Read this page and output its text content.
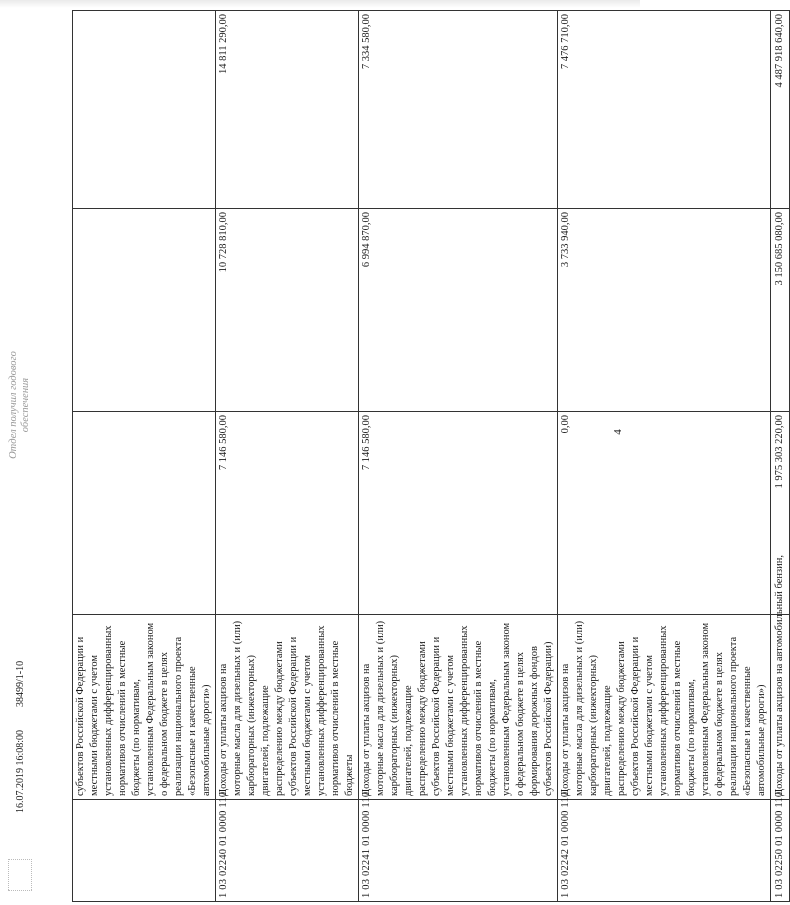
4
	субъектов Российской Федерации и местными бюджетами с учетом установленных дифференцированных нормативов отчислений в местные бюджеты (по нормативам, установленным Федеральным законом о федеральном бюджете в целях реализации национального проекта «Безопасные и качественные автомобильные дороги»)			
1 03 02240 01 0000 110	Доходы от уплаты акцизов на моторные масла для дизельных и (или) карбюраторных (инжекторных) двигателей, подлежащие распределению между бюджетами субъектов Российской Федерации и местными бюджетами с учетом установленных дифференцированных нормативов отчислений в местные бюджеты	7 146 580,00	10 728 810,00	14 811 290,00
1 03 02241 01 0000 110	Доходы от уплаты акцизов на моторные масла для дизельных и (или) карбюраторных (инжекторных) двигателей, подлежащие распределению между бюджетами субъектов Российской Федерации и местными бюджетами с учетом установленных дифференцированных нормативов отчислений в местные бюджеты (по нормативам, установленным Федеральным законом о федеральном бюджете в целях формирования дорожных фондов субъектов Российской Федерации)	7 146 580,00	6 994 870,00	7 334 580,00
1 03 02242 01 0000 110	Доходы от уплаты акцизов на моторные масла для дизельных и (или) карбюраторных (инжекторных) двигателей, подлежащие распределению между бюджетами субъектов Российской Федерации и местными бюджетами с учетом установленных дифференцированных нормативов отчислений в местные бюджеты (по нормативам, установленным Федеральным законом о федеральном бюджете в целях реализации национального проекта «Безопасные и качественные автомобильные дороги»)	0,00	3 733 940,00	7 476 710,00
1 03 02250 01 0000 110	Доходы от уплаты акцизов на автомобильный бензин,	1 975 303 220,00	3 150 685 080,00	4 487 918 640,00
16.07.2019 16:08:00
38499/1-10
Отдел получил годового обеспечения
